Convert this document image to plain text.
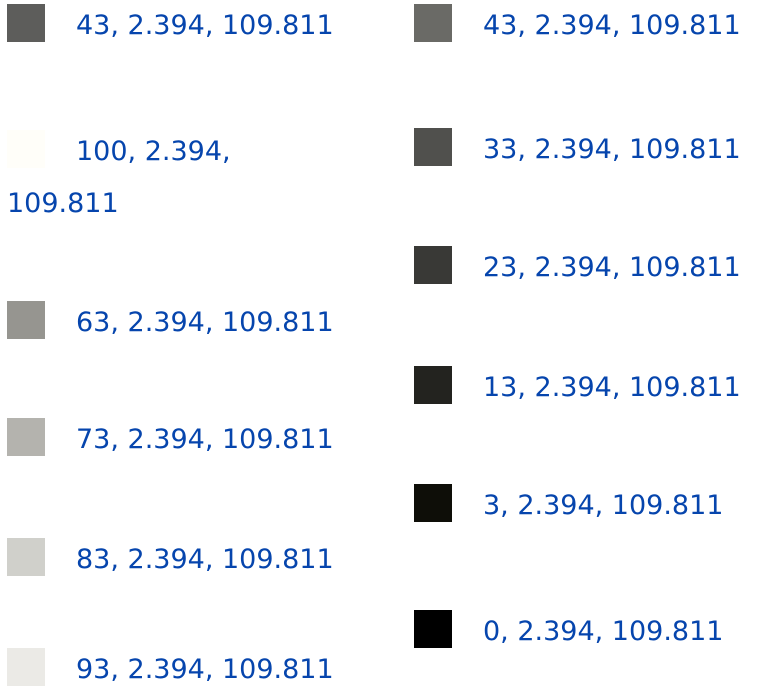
43, 2.394, 109.811

100, 2.394, 109.811

63, 2.394, 109.811

73, 2.394, 109.811

83, 2.394, 109.811

93, 2.394, 109.811

43, 2.394, 109.811

33, 2.394, 109.811

23, 2.394, 109.811

13, 2.394, 109.811

3, 2.394, 109.811

0, 2.394, 109.811
